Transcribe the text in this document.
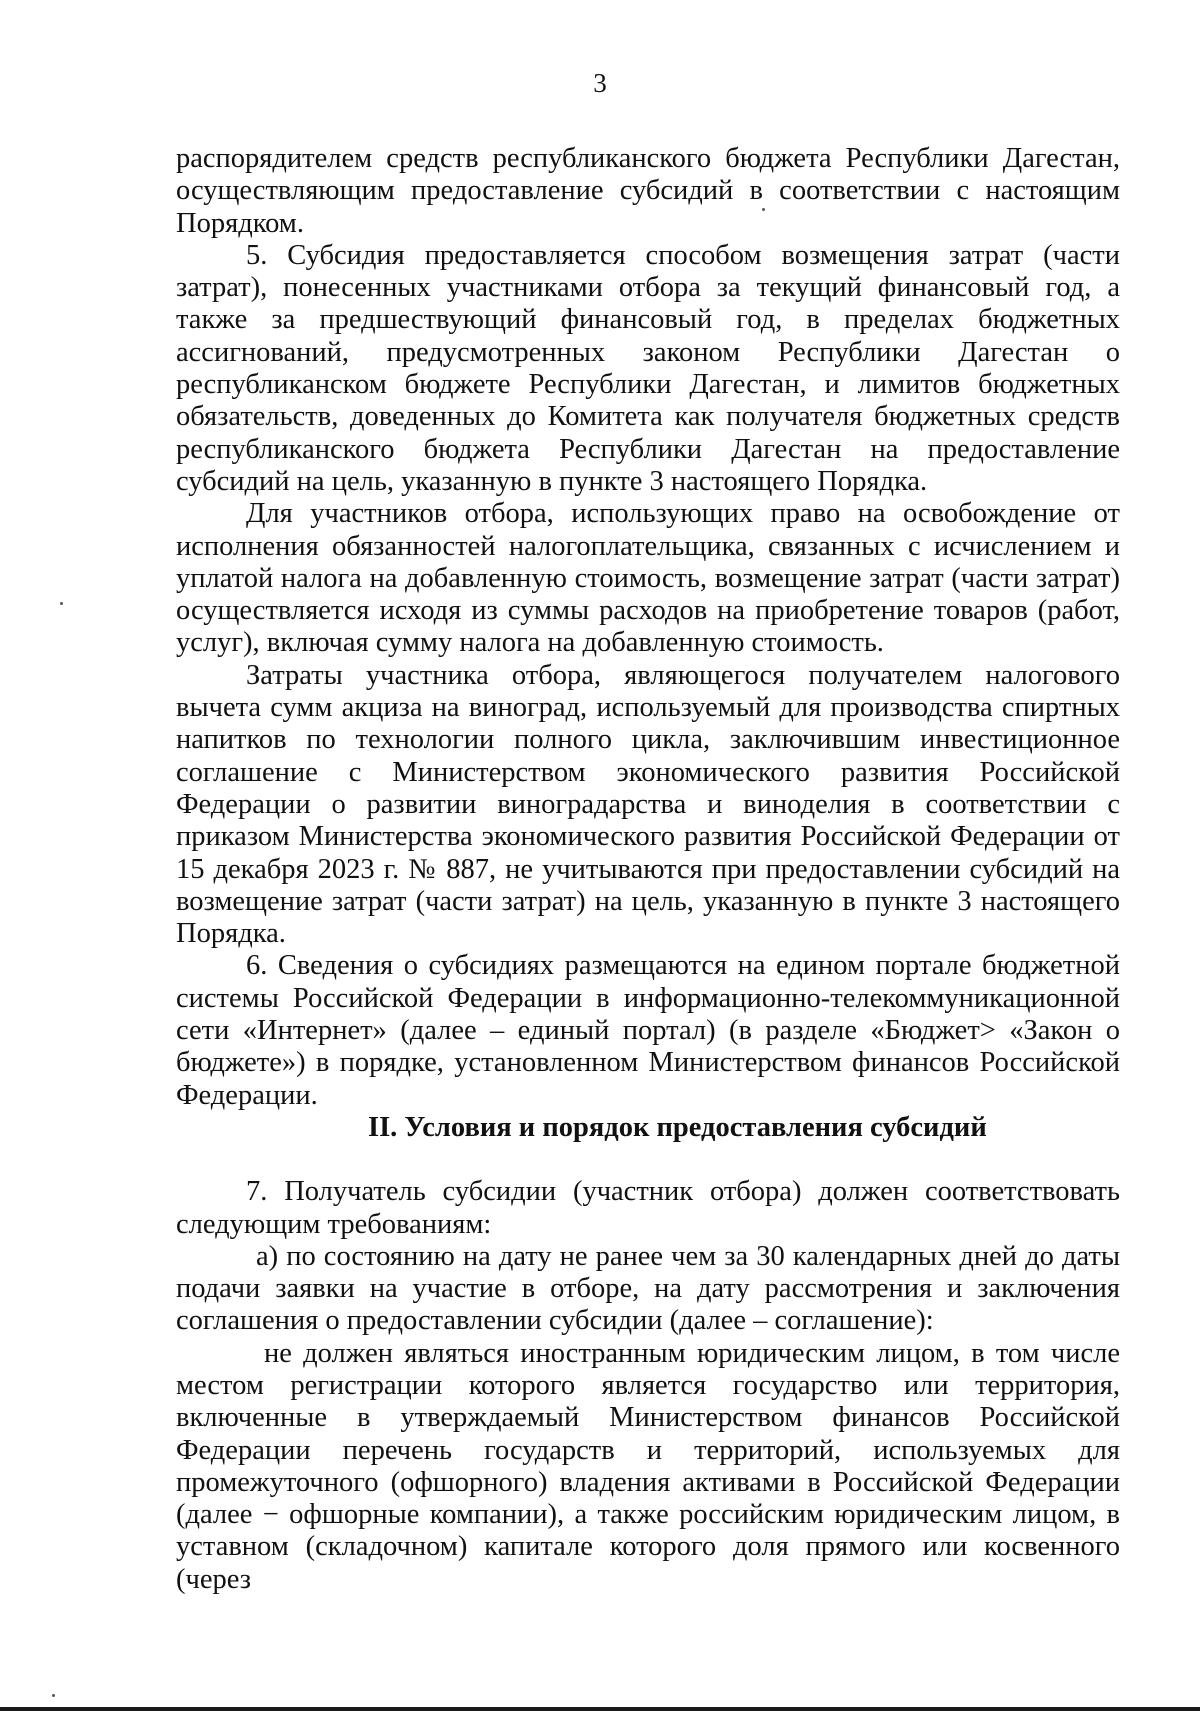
3

распорядителем средств республиканского бюджета Республики Дагестан, осуществляющим предоставление субсидий в соответствии с настоящим Порядком.

5. Субсидия предоставляется способом возмещения затрат (части затрат), понесенных участниками отбора за текущий финансовый год, а также за предшествующий финансовый год, в пределах бюджетных ассигнований, предусмотренных законом Республики Дагестан о республиканском бюджете Республики Дагестан, и лимитов бюджетных обязательств, доведенных до Комитета как получателя бюджетных средств республиканского бюджета Республики Дагестан на предоставление субсидий на цель, указанную в пункте 3 настоящего Порядка.

Для участников отбора, использующих право на освобождение от исполнения обязанностей налогоплательщика, связанных с исчислением и уплатой налога на добавленную стоимость, возмещение затрат (части затрат) осуществляется исходя из суммы расходов на приобретение товаров (работ, услуг), включая сумму налога на добавленную стоимость.

Затраты участника отбора, являющегося получателем налогового вычета сумм акциза на виноград, используемый для производства спиртных напитков по технологии полного цикла, заключившим инвестиционное соглашение с Министерством экономического развития Российской Федерации о развитии виноградарства и виноделия в соответствии с приказом Министерства экономического развития Российской Федерации от 15 декабря 2023 г. № 887, не учитываются при предоставлении субсидий на возмещение затрат (части затрат) на цель, указанную в пункте 3 настоящего Порядка.

6. Сведения о субсидиях размещаются на едином портале бюджетной системы Российской Федерации в информационно-телекоммуникационной сети «Интернет» (далее – единый портал) (в разделе «Бюджет> «Закон о бюджете») в порядке, установленном Министерством финансов Российской Федерации.

II. Условия и порядок предоставления субсидий

7. Получатель субсидии (участник отбора) должен соответствовать следующим требованиям:

а) по состоянию на дату не ранее чем за 30 календарных дней до даты подачи заявки на участие в отборе, на дату рассмотрения и заключения соглашения о предоставлении субсидии (далее – соглашение):

не должен являться иностранным юридическим лицом, в том числе местом регистрации которого является государство или территория, включенные в утверждаемый Министерством финансов Российской Федерации перечень государств и территорий, используемых для промежуточного (офшорного) владения активами в Российской Федерации (далее − офшорные компании), а также российским юридическим лицом, в уставном (складочном) капитале которого доля прямого или косвенного (через
